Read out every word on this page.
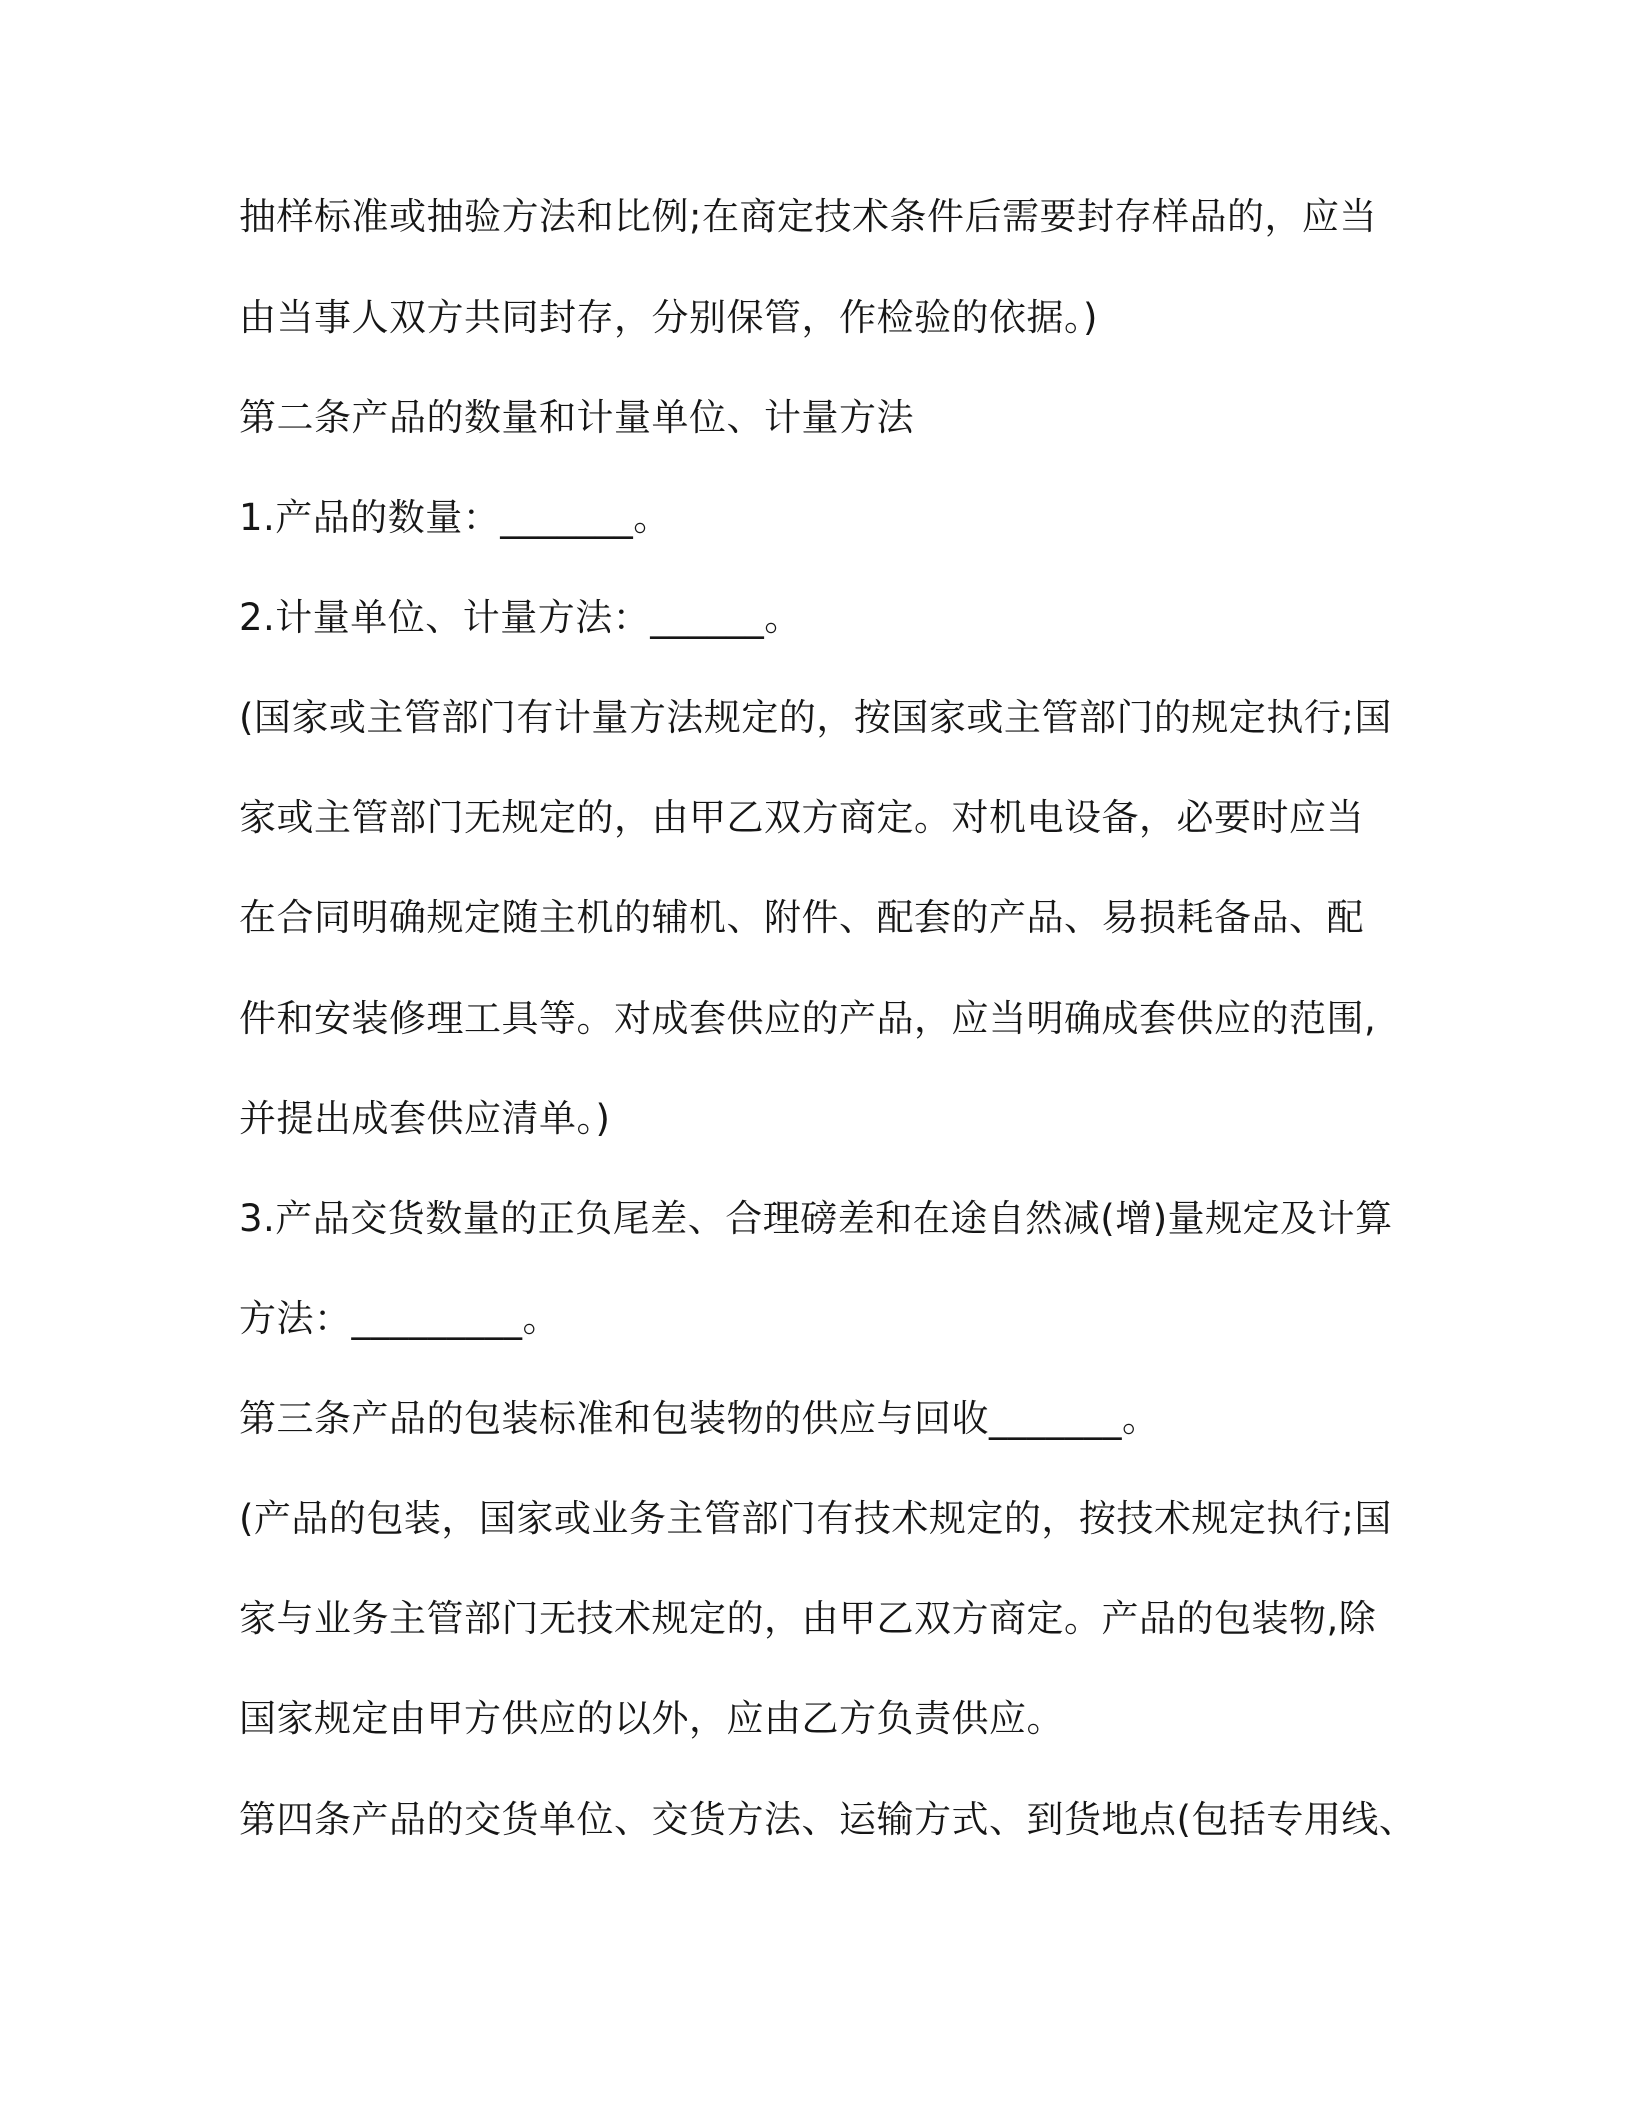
抽样标准或抽验方法和比例;在商定技术条件后需要封存样品的，应当
由当事人双方共同封存，分别保管，作检验的依据。)
第二条产品的数量和计量单位、计量方法
1.产品的数量：_______。
2.计量单位、计量方法：______。
(国家或主管部门有计量方法规定的，按国家或主管部门的规定执行;国
家或主管部门无规定的，由甲乙双方商定。对机电设备，必要时应当
在合同明确规定随主机的辅机、附件、配套的产品、易损耗备品、配
件和安装修理工具等。对成套供应的产品，应当明确成套供应的范围,
并提出成套供应清单。)
3.产品交货数量的正负尾差、合理磅差和在途自然减(增)量规定及计算
方法：_________。
第三条产品的包装标准和包装物的供应与回收_______。
(产品的包装，国家或业务主管部门有技术规定的，按技术规定执行;国
家与业务主管部门无技术规定的，由甲乙双方商定。产品的包装物,除
国家规定由甲方供应的以外，应由乙方负责供应。
第四条产品的交货单位、交货方法、运输方式、到货地点(包括专用线、
